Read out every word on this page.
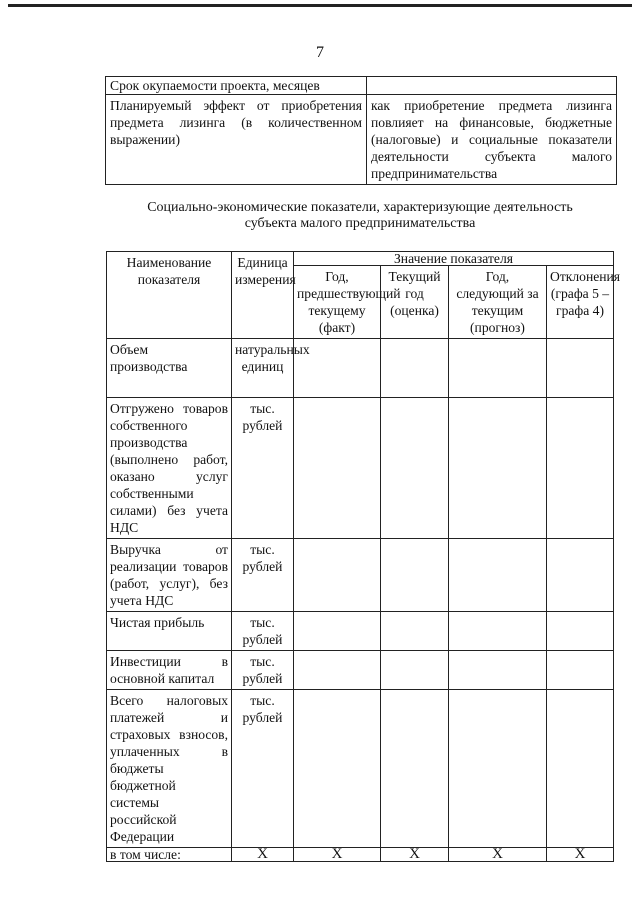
7
Срок окупаемости проекта, месяцев	

Планируемый эффект от приобретения предмета лизинга (в количественном выражении)	как приобретение предмета лизинга повлияет на финансовые, бюджетные (налоговые) и социальные показатели деятельности субъекта малого предпринимательства
Социально-экономические показатели, характеризующие деятельность
субъекта малого предпринимательства
Наименование показателя	Единица измерения	Значение показателя			
		Год, предшествующий текущему (факт)	Текущий год (оценка)	Год, следующий за текущим (прогноз)	Отклонения (графа 5 – графа 4)
Объем производства	натуральных единиц				
Отгружено товаров собственного производства (выполнено работ, оказано услуг собственными силами) без учета НДС	тыс. рублей				
Выручка от реализации товаров (работ, услуг), без учета НДС	тыс. рублей				
Чистая прибыль	тыс. рублей				
Инвестиции в основной капитал	тыс. рублей				
Всего налоговых платежей и страховых взносов, уплаченных в бюджеты бюджетной системы российской Федерации	тыс. рублей				
в том числе:	X	X	X	X	X
